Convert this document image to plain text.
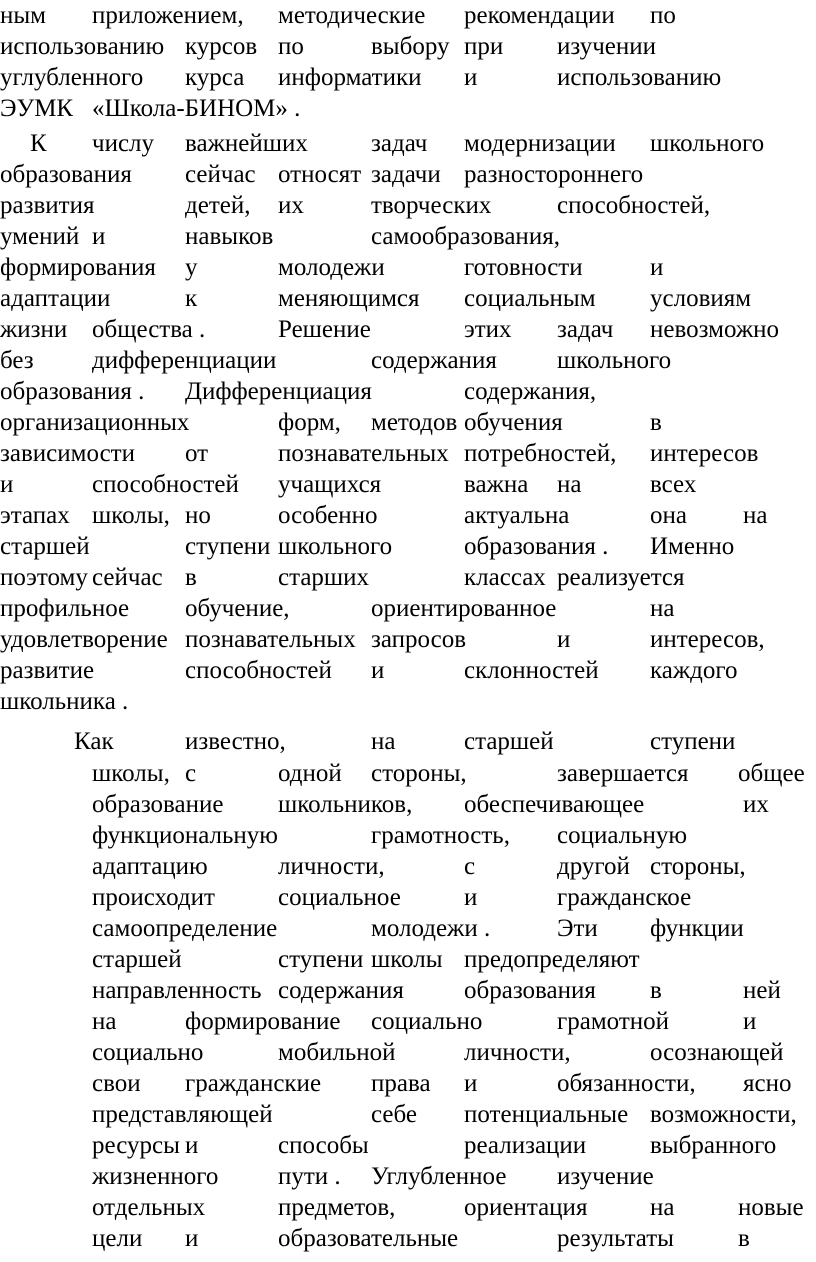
ным приложением, методические рекомендации по
использованию курсов по	выбору при изучении
углубленного курса информатики и	использованию
ЭУМК «Школа-БИНОМ» .
К числу важнейших	задач модернизации школьного
образования сейчас относят задачи разностороннего
развития	детей, их	творческих	способностей,
умений и	навыков	самообразования,
формирования у	молодежи	готовности	и
адаптации	к	меняющимся социальным условиям
жизни общества .	Решение	этих задач невозможно
без дифференциации	содержания школьного
образования . Дифференциация	содержания,
организационных	форм, методов обучения	в
зависимости от	познавательных потребностей, интересов
и	способностей учащихся	важна на	всех
этапах школы, но	особенно	актуальна	она на
старшей	ступени школьного	образования . Именно
поэтому сейчас в	старших	классах реализуется
профильное обучение,	ориентированное	на
удовлетворение познавательных запросов	и	интересов,
развитие	способностей и	склонностей каждого
школьника .
Как	известно,	на	старшей	ступени
школы, с	одной стороны,	завершается общее
образование школьников, обеспечивающее	их
функциональную	грамотность, социальную
адаптацию	личности,	с	другой стороны,
происходит	социальное	и	гражданское
самоопределение	молодежи .	Эти функции
старшей	ступени школы предопределяют
направленность содержания образования в	ней
на	формирование социально	грамотной	и
социально	мобильной	личности,	осознающей
свои гражданские права и	обязанности, ясно
представляющей	себе потенциальные возможности,
ресурсы и	способы	реализации	выбранного
жизненного пути . Углубленное изучение
отдельных	предметов,	ориентация	на	новые
цели и	образовательные	результаты	в
